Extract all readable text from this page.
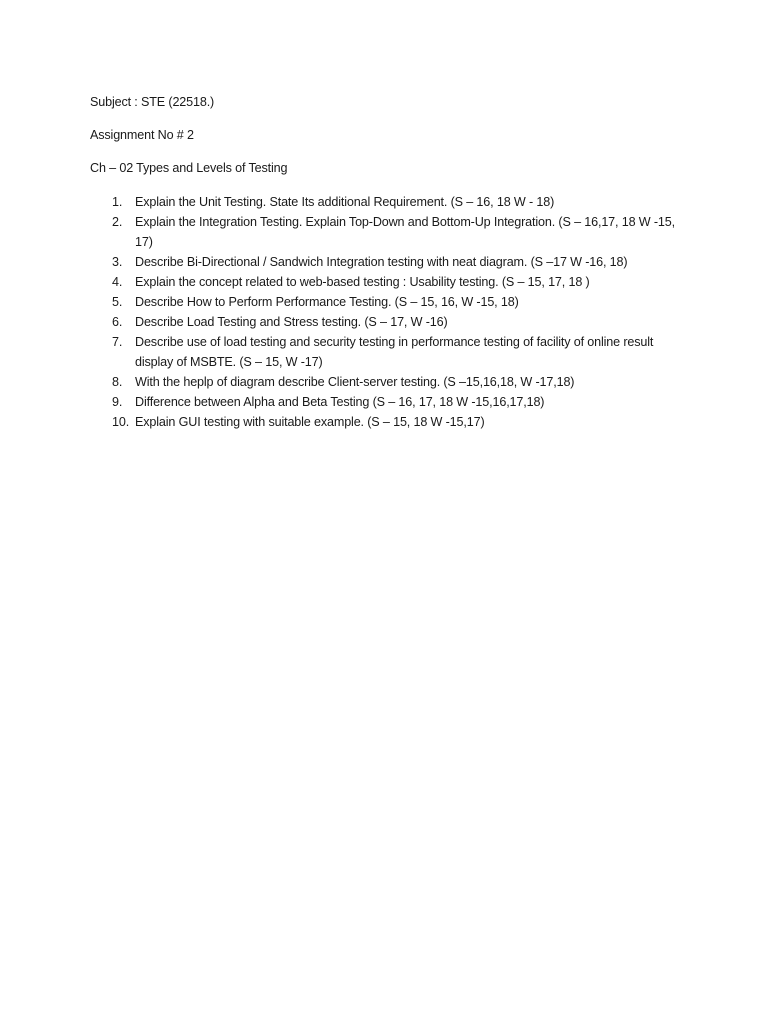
Subject : STE (22518.)

Assignment No # 2

Ch – 02 Types and Levels of Testing

1.	Explain the Unit Testing. State Its additional Requirement. (S – 16, 18 W - 18)
2.	Explain the Integration Testing. Explain Top-Down and Bottom-Up Integration. (S – 16,17, 18 W -15, 17)
3.	Describe Bi-Directional / Sandwich Integration testing with neat diagram. (S –17 W -16, 18)
4.	Explain the concept related to web-based testing : Usability testing. (S – 15, 17, 18 )
5.	Describe How to Perform Performance Testing. (S – 15, 16, W -15, 18)
6.	Describe Load Testing and Stress testing. (S – 17, W -16)
7.	Describe use of load testing and security testing in performance testing of facility of online result display of MSBTE. (S – 15, W -17)
8.	With the heplp of diagram describe Client-server testing. (S –15,16,18, W -17,18)
9.	Difference between Alpha and Beta Testing (S – 16, 17, 18 W -15,16,17,18)
10. Explain GUI testing with suitable example. (S – 15, 18 W -15,17)
